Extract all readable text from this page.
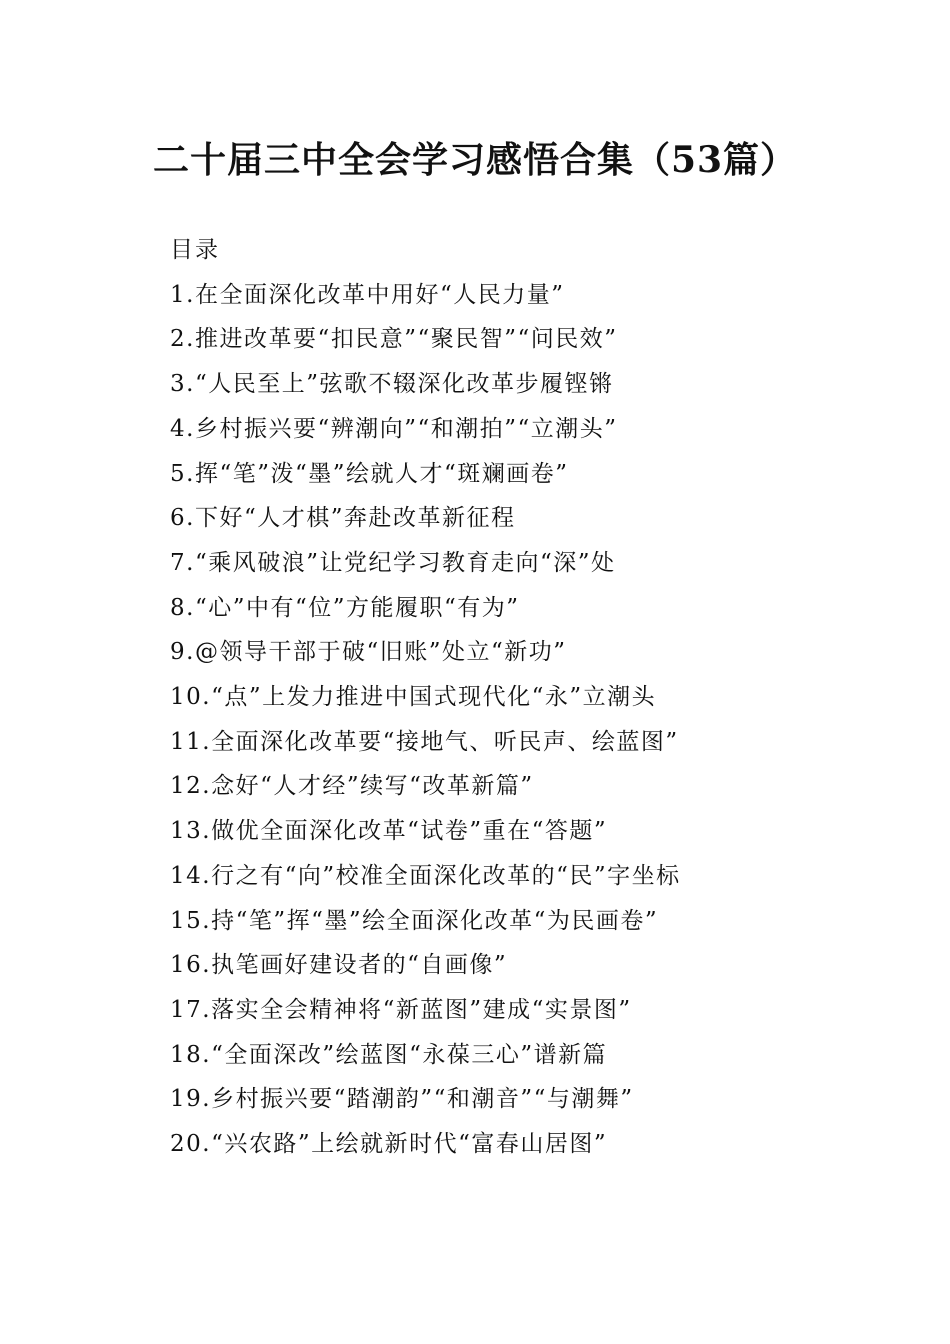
二十届三中全会学习感悟合集（53篇）
目录
1.在全面深化改革中用好“人民力量”
2.推进改革要“扣民意”“聚民智”“问民效”
3.“人民至上”弦歌不辍深化改革步履铿锵
4.乡村振兴要“辨潮向”“和潮拍”“立潮头”
5.挥“笔”泼“墨”绘就人才“斑斓画卷”
6.下好“人才棋”奔赴改革新征程
7.“乘风破浪”让党纪学习教育走向“深”处
8.“心”中有“位”方能履职“有为”
9.@领导干部于破“旧账”处立“新功”
10.“点”上发力推进中国式现代化“永”立潮头
11.全面深化改革要“接地气、听民声、绘蓝图”
12.念好“人才经”续写“改革新篇”
13.做优全面深化改革“试卷”重在“答题”
14.行之有“向”校准全面深化改革的“民”字坐标
15.持“笔”挥“墨”绘全面深化改革“为民画卷”
16.执笔画好建设者的“自画像”
17.落实全会精神将“新蓝图”建成“实景图”
18.“全面深改”绘蓝图“永葆三心”谱新篇
19.乡村振兴要“踏潮韵”“和潮音”“与潮舞”
20.“兴农路”上绘就新时代“富春山居图”
